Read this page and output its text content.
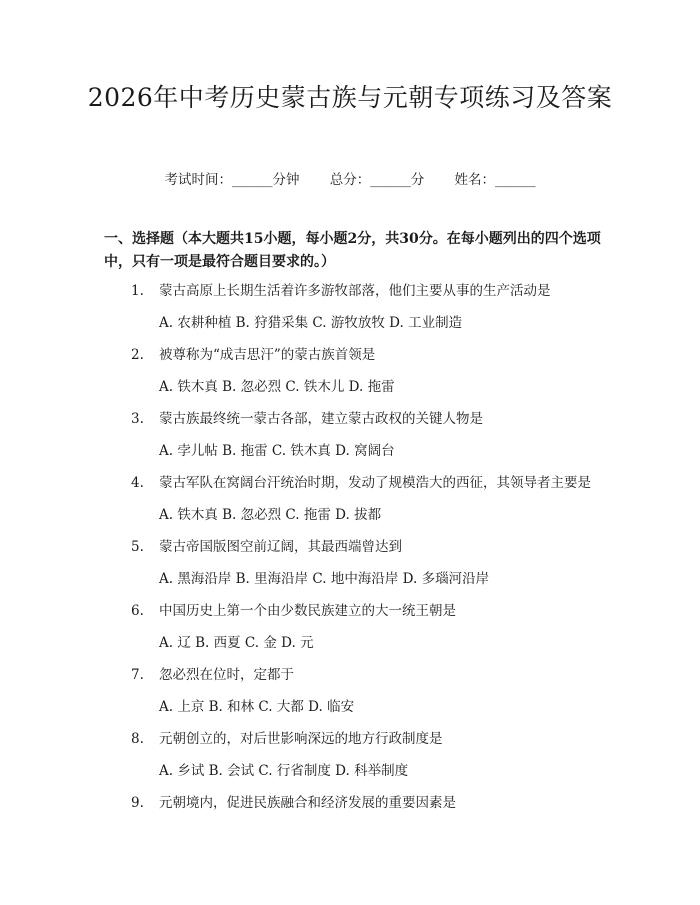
2026年中考历史蒙古族与元朝专项练习及答案
考试时间：______分钟 总分：______分 姓名：______
一、选择题（本大题共15小题，每小题2分，共30分。在每小题列出的四个选项中，只有一项是最符合题目要求的。）
1. 蒙古高原上长期生活着许多游牧部落，他们主要从事的生产活动是
A. 农耕种植 B. 狩猎采集 C. 游牧放牧 D. 工业制造
2. 被尊称为“成吉思汗”的蒙古族首领是
A. 铁木真 B. 忽必烈 C. 铁木儿 D. 拖雷
3. 蒙古族最终统一蒙古各部，建立蒙古政权的关键人物是
A. 孛儿帖 B. 拖雷 C. 铁木真 D. 窝阔台
4. 蒙古军队在窝阔台汗统治时期，发动了规模浩大的西征，其领导者主要是
A. 铁木真 B. 忽必烈 C. 拖雷 D. 拔都
5. 蒙古帝国版图空前辽阔，其最西端曾达到
A. 黑海沿岸 B. 里海沿岸 C. 地中海沿岸 D. 多瑙河沿岸
6. 中国历史上第一个由少数民族建立的大一统王朝是
A. 辽 B. 西夏 C. 金 D. 元
7. 忽必烈在位时，定都于
A. 上京 B. 和林 C. 大都 D. 临安
8. 元朝创立的，对后世影响深远的地方行政制度是
A. 乡试 B. 会试 C. 行省制度 D. 科举制度
9. 元朝境内，促进民族融合和经济发展的重要因素是
